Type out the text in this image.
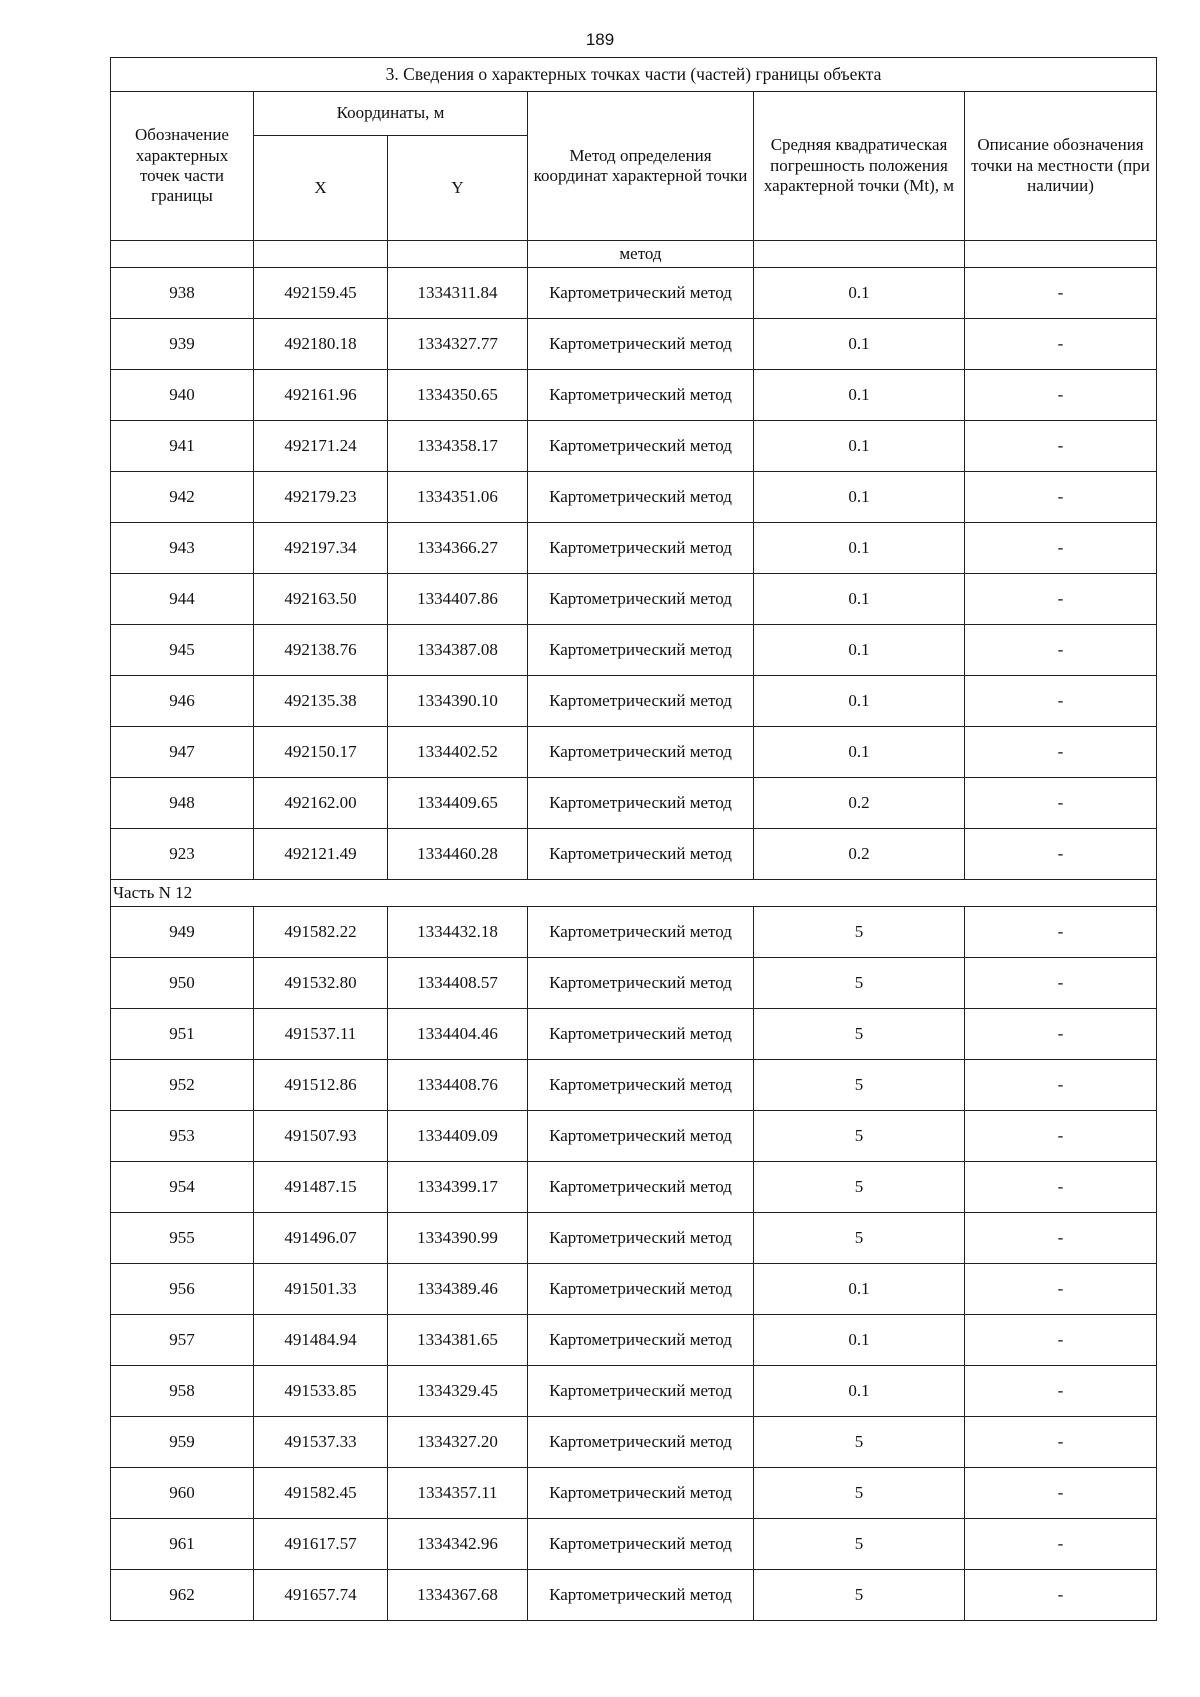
189
3. Сведения о характерных точках части (частей) границы объекта					
Обозначение характерных точек части границы	Координаты, м		Метод определения координат характерной точки	Средняя квадратическая погрешность положения характерной точки (Mt), м	Описание обозначения точки на местности (при наличии)
	X	Y			
			метод		
938	492159.45	1334311.84	Картометрический метод	0.1	-
939	492180.18	1334327.77	Картометрический метод	0.1	-
940	492161.96	1334350.65	Картометрический метод	0.1	-
941	492171.24	1334358.17	Картометрический метод	0.1	-
942	492179.23	1334351.06	Картометрический метод	0.1	-
943	492197.34	1334366.27	Картометрический метод	0.1	-
944	492163.50	1334407.86	Картометрический метод	0.1	-
945	492138.76	1334387.08	Картометрический метод	0.1	-
946	492135.38	1334390.10	Картометрический метод	0.1	-
947	492150.17	1334402.52	Картометрический метод	0.1	-
948	492162.00	1334409.65	Картометрический метод	0.2	-
923	492121.49	1334460.28	Картометрический метод	0.2	-
Часть N 12					
949	491582.22	1334432.18	Картометрический метод	5	-
950	491532.80	1334408.57	Картометрический метод	5	-
951	491537.11	1334404.46	Картометрический метод	5	-
952	491512.86	1334408.76	Картометрический метод	5	-
953	491507.93	1334409.09	Картометрический метод	5	-
954	491487.15	1334399.17	Картометрический метод	5	-
955	491496.07	1334390.99	Картометрический метод	5	-
956	491501.33	1334389.46	Картометрический метод	0.1	-
957	491484.94	1334381.65	Картометрический метод	0.1	-
958	491533.85	1334329.45	Картометрический метод	0.1	-
959	491537.33	1334327.20	Картометрический метод	5	-
960	491582.45	1334357.11	Картометрический метод	5	-
961	491617.57	1334342.96	Картометрический метод	5	-
962	491657.74	1334367.68	Картометрический метод	5	-
